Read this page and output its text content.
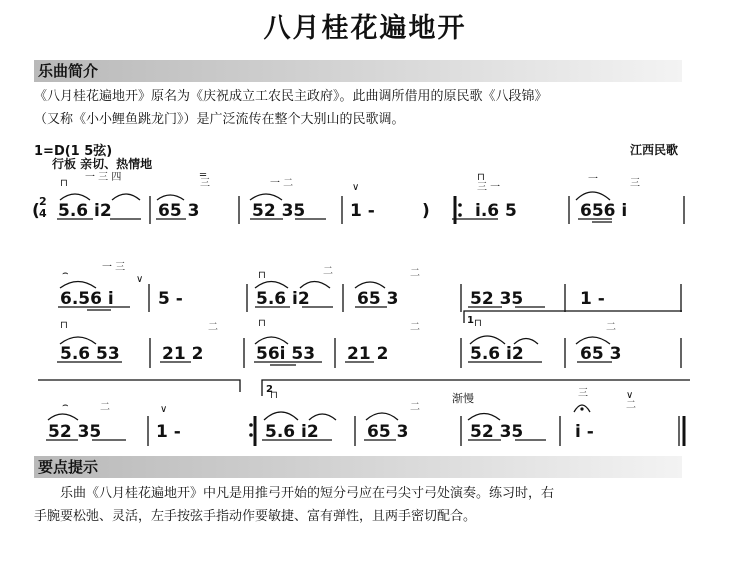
八月桂花遍地开
乐曲简介
《八月桂花遍地开》原名为《庆祝成立工农民主政府》。此曲调所借用的原民歌《八段锦》
（又称《小小鲤鱼跳龙门》）是广泛流传在整个大别山的民歌调。
1=D(1 5弦)
行板 亲切、热情地
江西民歌
2
4
(	)
5.6 i2	65 3	52 35	1 -	i.6 5	656 i
6.56 i	5 -	5.6 i2	65 3	52 35	1 -
5.6 53 21 2	56i 53 21 2	5.6 i2	65 3
52 35	1 -	5.6 i2	65 3	52 35	i -
1
2
渐慢
⊓
一 三 四
三
═
一 二	∨
⊓
三 一
一	三
⌢
一 三
∨	⊓	二	二
⊓	二	⊓	二	⊓	二
⌢	二	∨
⊓
二
三	∨
二
要点提示
乐曲《八月桂花遍地开》中凡是用推弓开始的短分弓应在弓尖寸弓处演奏。练习时，右
手腕要松弛、灵活，左手按弦手指动作要敏捷、富有弹性，且两手密切配合。
